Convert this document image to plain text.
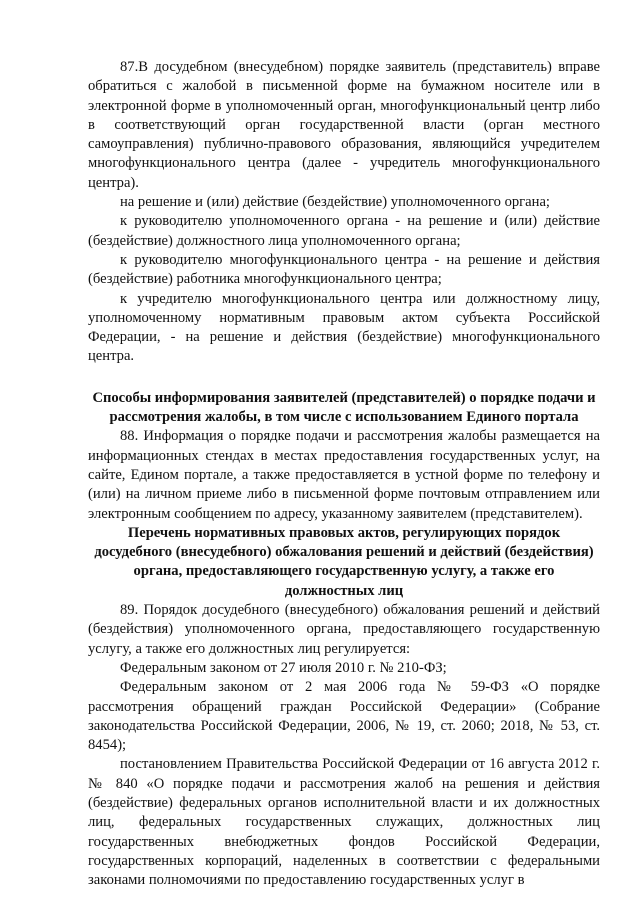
87.В досудебном (внесудебном) порядке заявитель (представитель) вправе обратиться с жалобой в письменной форме на бумажном носителе или в электронной форме в уполномоченный орган, многофункциональный центр либо в соответствующий орган государственной власти (орган местного самоуправления) публично-правового образования, являющийся учредителем многофункционального центра (далее - учредитель многофункционального центра).

на решение и (или) действие (бездействие) уполномоченного органа;

к руководителю уполномоченного органа - на решение и (или) действие (бездействие) должностного лица уполномоченного органа;

к руководителю многофункционального центра - на решение и действия (бездействие) работника многофункционального центра;

к учредителю многофункционального центра или должностному лицу, уполномоченному нормативным правовым актом субъекта Российской Федерации, - на решение и действия (бездействие) многофункционального центра.

Способы информирования заявителей (представителей) о порядке подачи и рассмотрения жалобы, в том числе с использованием Единого портала

88. Информация о порядке подачи и рассмотрения жалобы размещается на информационных стендах в местах предоставления государственных услуг, на сайте, Едином портале, а также предоставляется в устной форме по телефону и (или) на личном приеме либо в письменной форме почтовым отправлением или электронным сообщением по адресу, указанному заявителем (представителем).

Перечень нормативных правовых актов, регулирующих порядок досудебного (внесудебного) обжалования решений и действий (бездействия) органа, предоставляющего государственную услугу, а также его должностных лиц

89. Порядок досудебного (внесудебного) обжалования решений и действий (бездействия) уполномоченного органа, предоставляющего государственную услугу, а также его должностных лиц регулируется:

Федеральным законом от 27 июля 2010 г. № 210-ФЗ;

Федеральным законом от 2 мая 2006 года № 59-ФЗ «О порядке рассмотрения обращений граждан Российской Федерации» (Собрание законодательства Российской Федерации, 2006, № 19, ст. 2060; 2018, № 53, ст. 8454);

постановлением Правительства Российской Федерации от 16 августа 2012 г. № 840 «О порядке подачи и рассмотрения жалоб на решения и действия (бездействие) федеральных органов исполнительной власти и их должностных лиц, федеральных государственных служащих, должностных лиц государственных внебюджетных фондов Российской Федерации, государственных корпораций, наделенных в соответствии с федеральными законами полномочиями по предоставлению государственных услуг в
